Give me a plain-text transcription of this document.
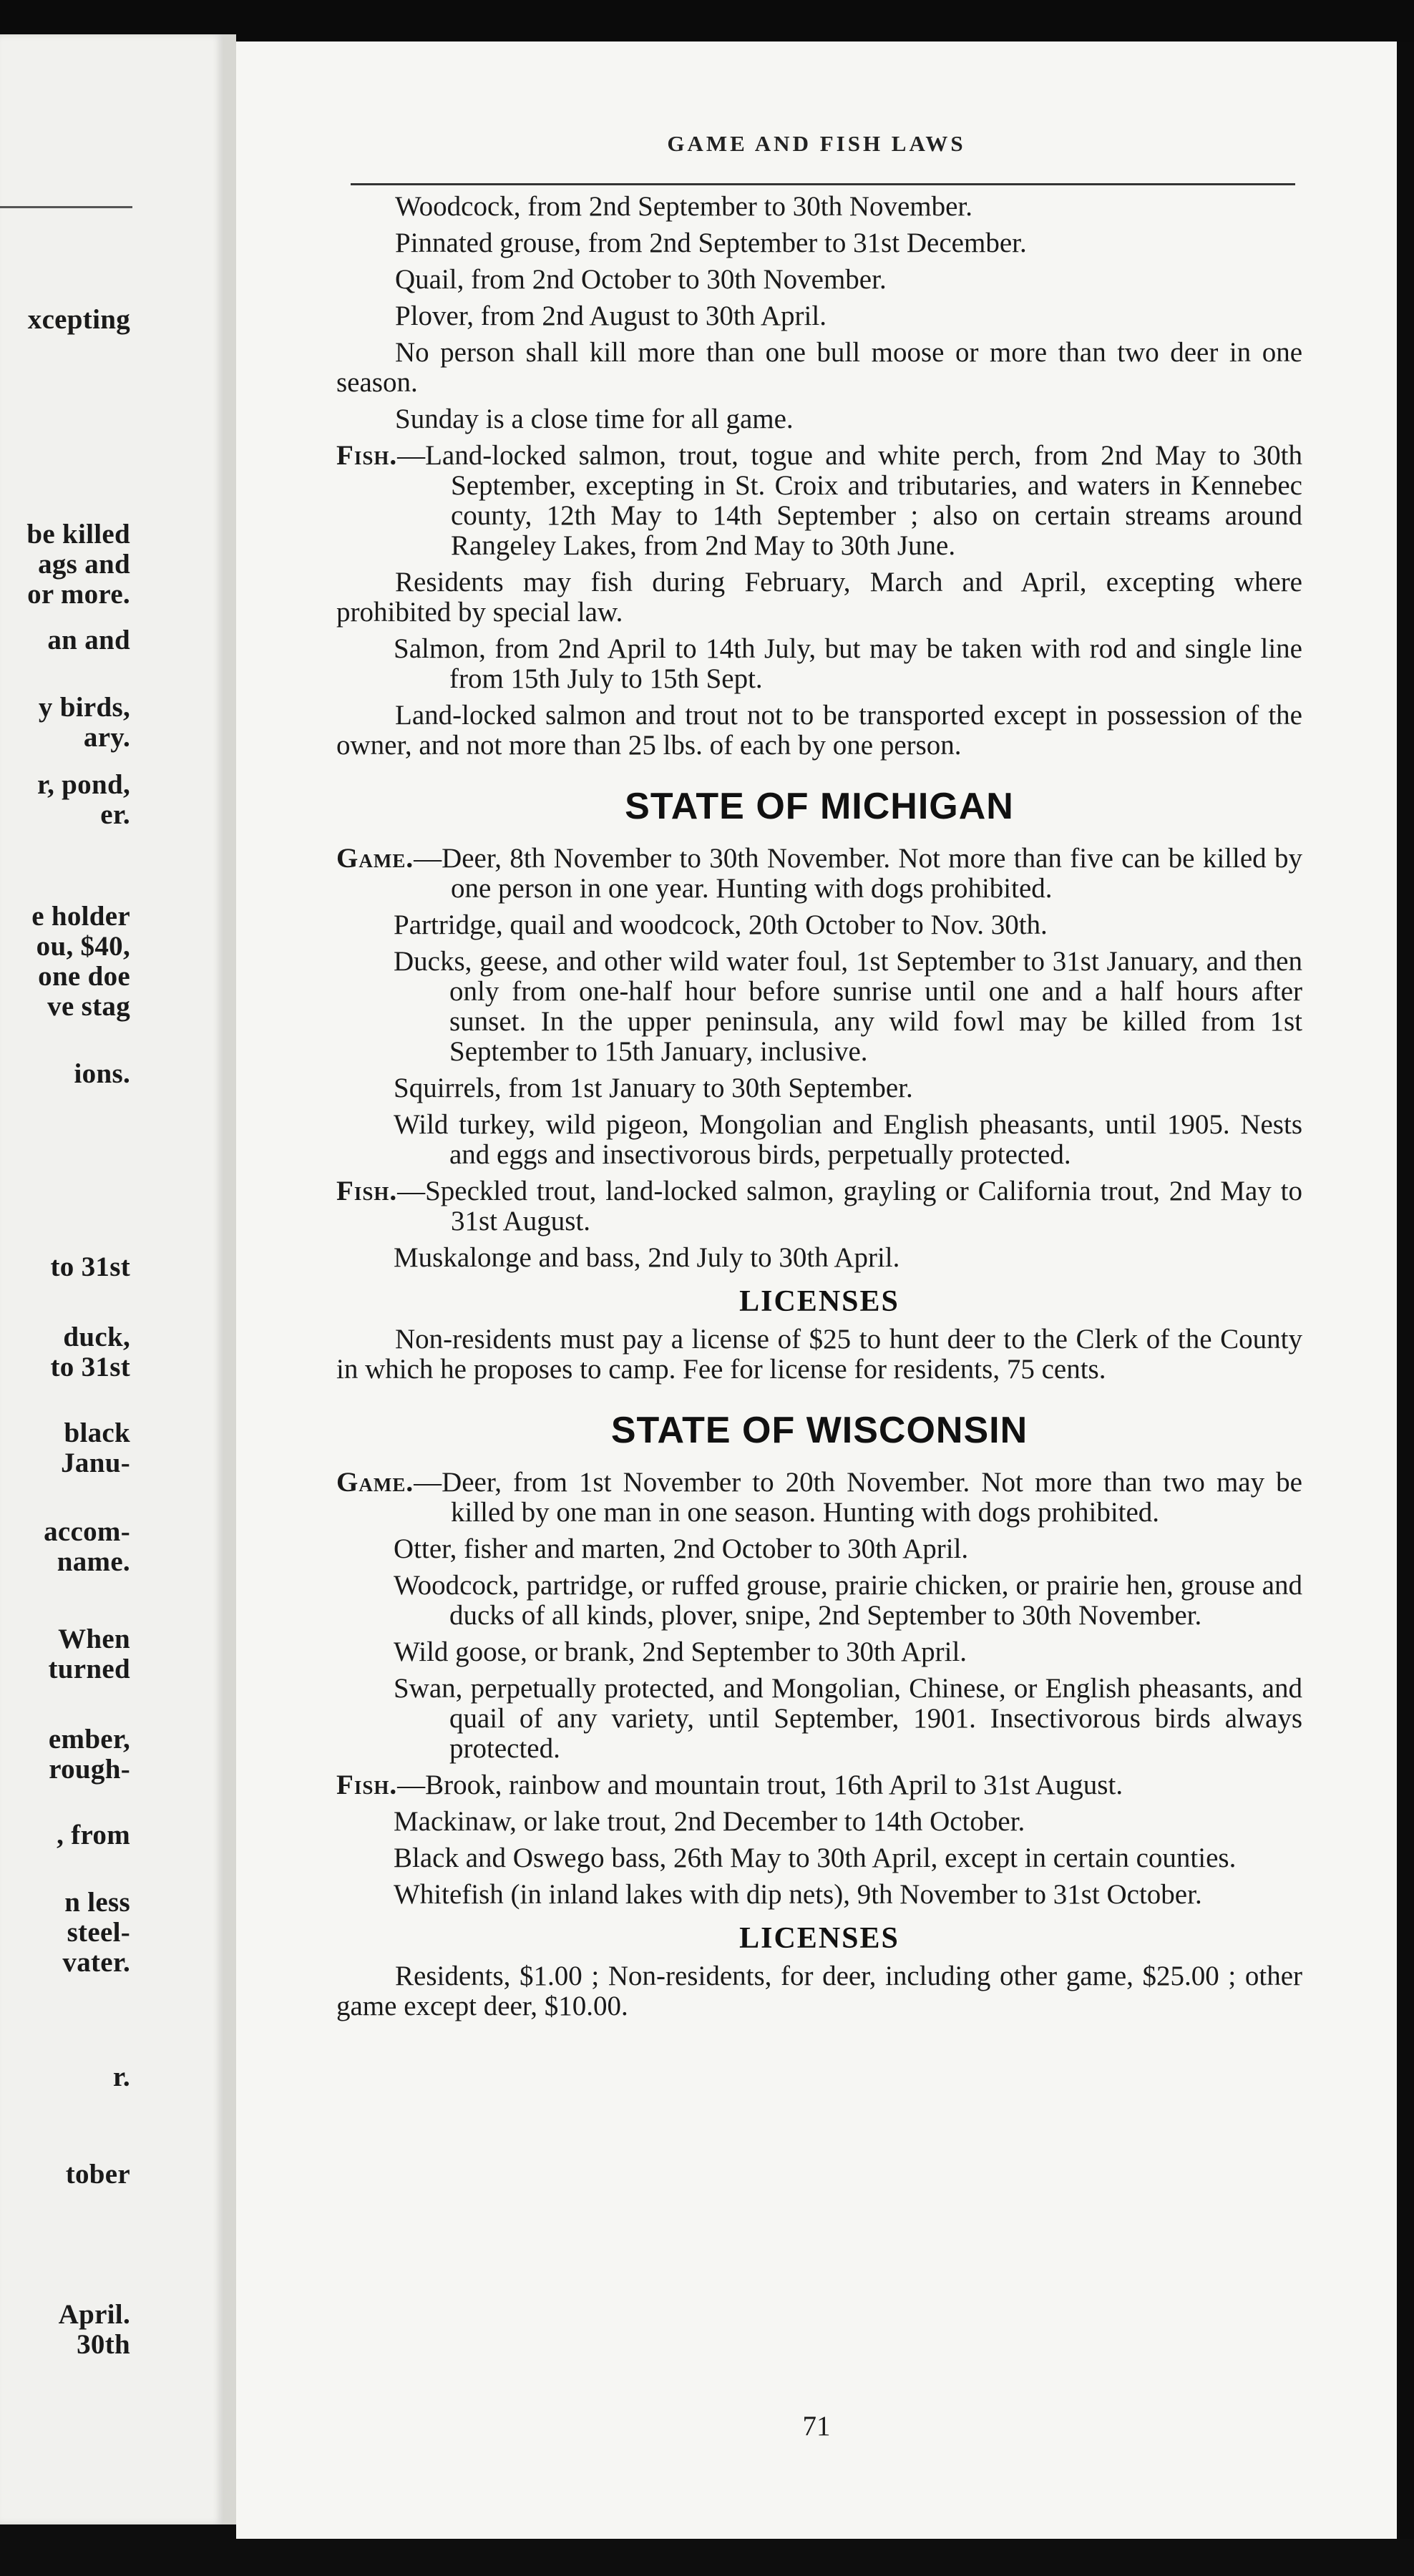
xcepting
be killed
ags and
or more.
an and
y birds,
ary.
r, pond,
er.
e holder
ou, $40,
one doe
ve stag
ions.
to 31st
duck,
to 31st
black
Janu-
accom-
name.
When
turned
ember,
rough-
, from
n less
steel-
vater.
r.
tober
April.
30th
GAME AND FISH LAWS

Woodcock, from 2nd September to 30th November.

Pinnated grouse, from 2nd September to 31st December.

Quail, from 2nd October to 30th November.

Plover, from 2nd August to 30th April.

No person shall kill more than one bull moose or more than two deer in one season.

Sunday is a close time for all game.

Fish.—Land-locked salmon, trout, togue and white perch, from 2nd May to 30th September, excepting in St. Croix and tributaries, and waters in Kennebec county, 12th May to 14th September ; also on certain streams around Rangeley Lakes, from 2nd May to 30th June.

Residents may fish during February, March and April, excepting where prohibited by special law.

Salmon, from 2nd April to 14th July, but may be taken with rod and single line from 15th July to 15th Sept.

Land-locked salmon and trout not to be transported except in possession of the owner, and not more than 25 lbs. of each by one person.

STATE OF MICHIGAN

Game.—Deer, 8th November to 30th November. Not more than five can be killed by one person in one year. Hunting with dogs prohibited.

Partridge, quail and woodcock, 20th October to Nov. 30th.

Ducks, geese, and other wild water foul, 1st September to 31st January, and then only from one-half hour before sunrise until one and a half hours after sunset. In the upper peninsula, any wild fowl may be killed from 1st September to 15th January, inclusive.

Squirrels, from 1st January to 30th September.

Wild turkey, wild pigeon, Mongolian and English pheasants, until 1905. Nests and eggs and insectivorous birds, perpetually protected.

Fish.—Speckled trout, land-locked salmon, grayling or California trout, 2nd May to 31st August.

Muskalonge and bass, 2nd July to 30th April.

LICENSES

Non-residents must pay a license of $25 to hunt deer to the Clerk of the County in which he proposes to camp. Fee for license for residents, 75 cents.

STATE OF WISCONSIN

Game.—Deer, from 1st November to 20th November. Not more than two may be killed by one man in one season. Hunting with dogs prohibited.

Otter, fisher and marten, 2nd October to 30th April.

Woodcock, partridge, or ruffed grouse, prairie chicken, or prairie hen, grouse and ducks of all kinds, plover, snipe, 2nd September to 30th November.

Wild goose, or brank, 2nd September to 30th April.

Swan, perpetually protected, and Mongolian, Chinese, or English pheasants, and quail of any variety, until September, 1901. Insectivorous birds always protected.

Fish.—Brook, rainbow and mountain trout, 16th April to 31st August.

Mackinaw, or lake trout, 2nd December to 14th October.

Black and Oswego bass, 26th May to 30th April, except in certain counties.

Whitefish (in inland lakes with dip nets), 9th November to 31st October.

LICENSES

Residents, $1.00 ; Non-residents, for deer, including other game, $25.00 ; other game except deer, $10.00.

71
